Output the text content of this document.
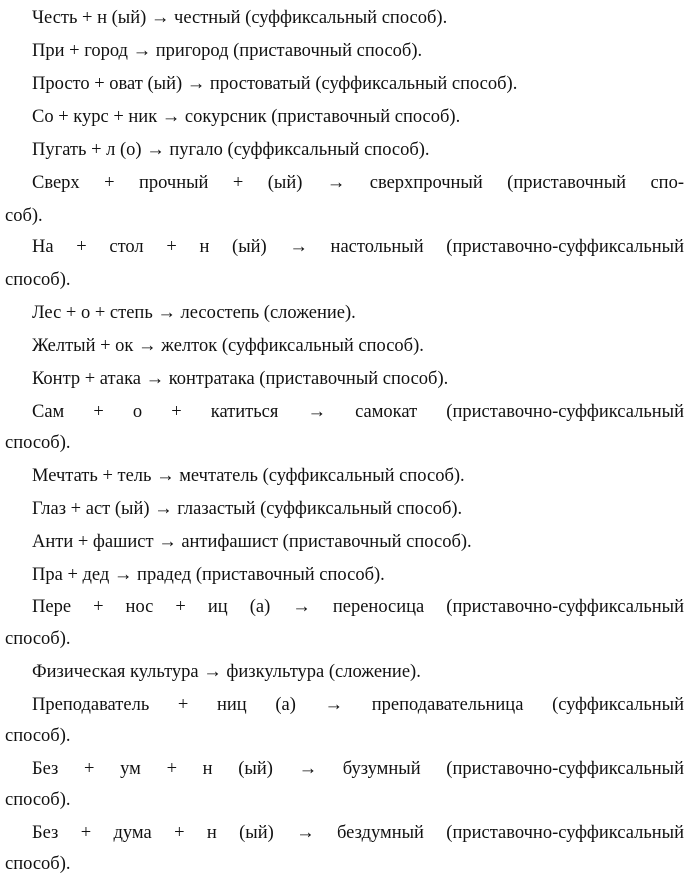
Честь + н (ый) → честный (суффиксальный способ).
При + город → пригород (приставочный способ).
Просто + оват (ый) → простоватый (суффиксальный способ).
Со + курс + ник → сокурсник (приставочный способ).
Пугать + л (о) → пугало (суффиксальный способ).
Сверх + прочный + (ый) → сверхпрочный (приставочный спо-
соб).
На + стол + н (ый) → настольный (приставочно-суффиксальный
способ).
Лес + о + степь → лесостепь (сложение).
Желтый + ок → желток (суффиксальный способ).
Контр + атака → контратака (приставочный способ).
Сам + о + катиться → самокат (приставочно-суффиксальный
способ).
Мечтать + тель → мечтатель (суффиксальный способ).
Глаз + аст (ый) → глазастый (суффиксальный способ).
Анти + фашист → антифашист (приставочный способ).
Пра + дед → прадед (приставочный способ).
Пере + нос + иц (а) → переносица (приставочно-суффиксальный
способ).
Физическая культура → физкультура (сложение).
Преподаватель + ниц (а) → преподавательница (суффиксальный
способ).
Без + ум + н (ый) → бузумный (приставочно-суффиксальный
способ).
Без + дума + н (ый) → бездумный (приставочно-суффиксальный
способ).
